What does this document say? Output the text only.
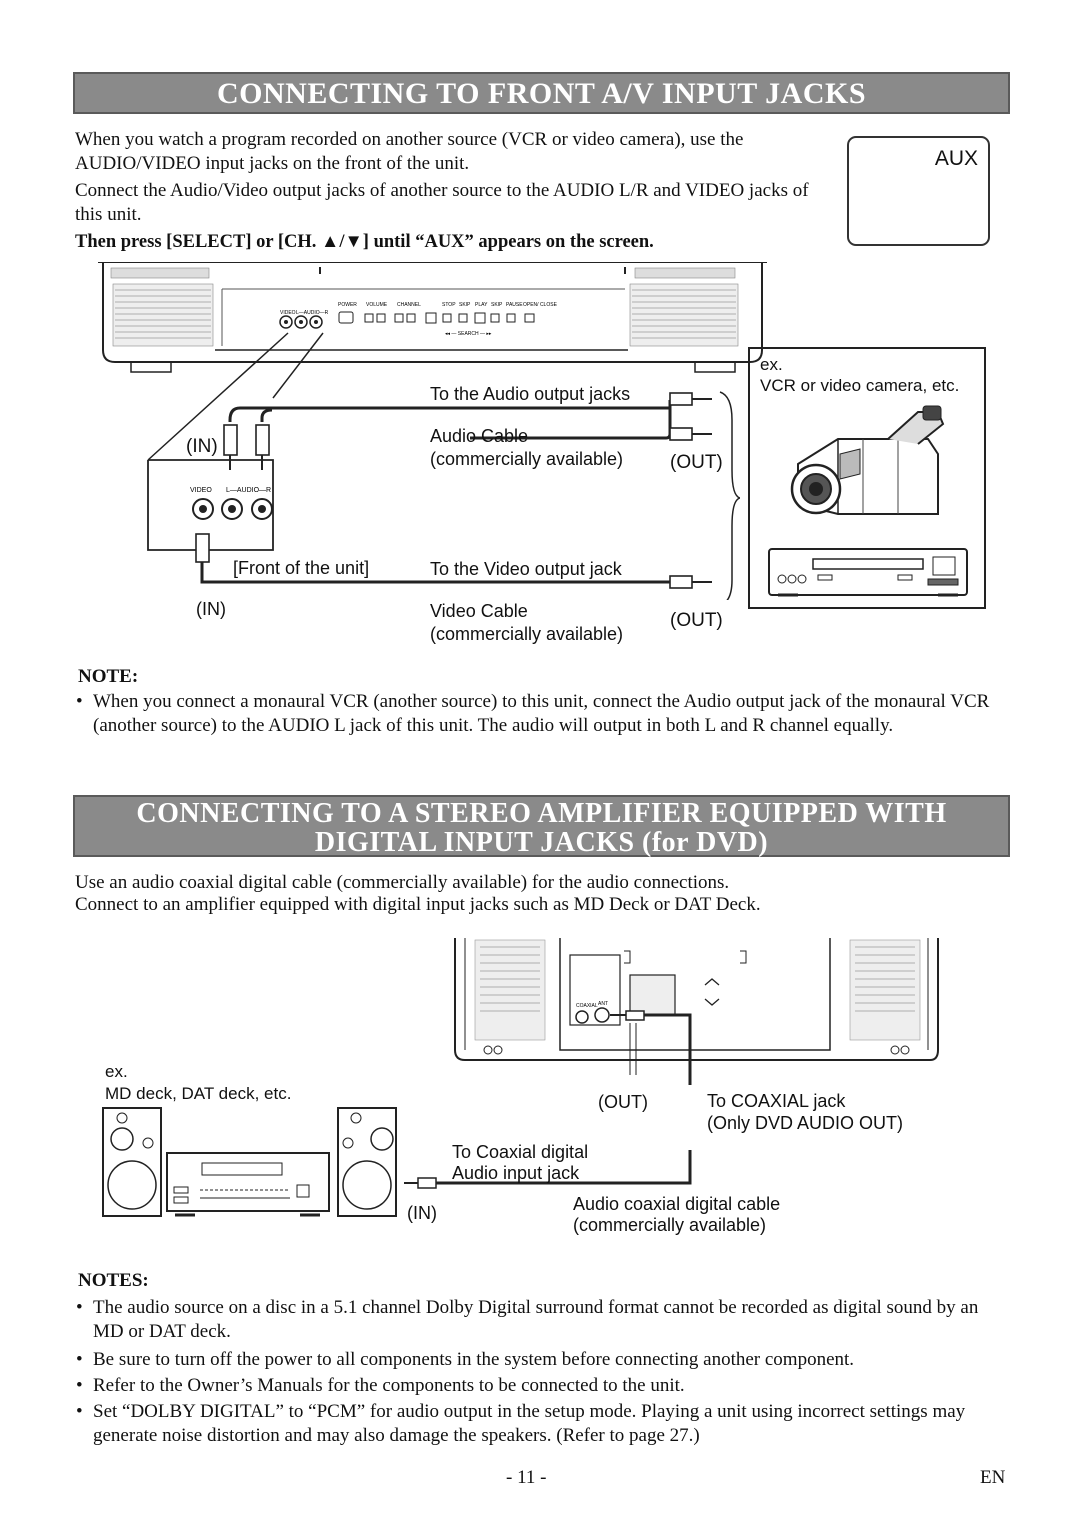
CONNECTING TO FRONT A/V INPUT JACKS
When you watch a program recorded on another source (VCR or video camera), use the AUDIO/VIDEO input jacks on the front of the unit.
Connect the Audio/Video output jacks of another source to the AUDIO L/R and VIDEO jacks of this unit.
Then press [SELECT] or [CH. ▲/▼] until “AUX” appears on the screen.
AUX
POWER VOLUME CHANNEL	STOP SKIP PLAY SKIP PAUSE OPEN/ CLOSE
◂◂ — SEARCH — ▸▸
VIDEO L—AUDIO—R
VIDEO L—AUDIO—R
(IN)
[Front of the unit]
(IN)
To the Audio output jacks
Audio Cable
(commercially available) (OUT)
To the Video output jack
Video Cable
(commercially available)
(OUT)
ex.
VCR or video camera, etc.
NOTE:
• When you connect a monaural VCR (another source) to this unit, connect the Audio output jack of the monaural VCR (another source) to the AUDIO L jack of this unit. The audio will output in both L and R channel equally.
CONNECTING TO A STEREO AMPLIFIER EQUIPPED WITH
DIGITAL INPUT JACKS (for DVD)
Use an audio coaxial digital cable (commercially available) for the audio connections.
Connect to an amplifier equipped with digital input jacks such as MD Deck or DAT Deck.
COAXIAL ANT
ex.
MD deck, DAT deck, etc.	(OUT)	To COAXIAL jack
(Only DVD AUDIO OUT)
To Coaxial digital
Audio input jack
(IN)	Audio coaxial digital cable
(commercially available)
NOTES:
• The audio source on a disc in a 5.1 channel Dolby Digital surround format cannot be recorded as digital sound by an MD or DAT deck.
• Be sure to turn off the power to all components in the system before connecting another component.
• Refer to the Owner’s Manuals for the components to be connected to the unit.
• Set “DOLBY DIGITAL” to “PCM” for audio output in the setup mode. Playing a unit using incorrect settings may generate noise distortion and may also damage the speakers. (Refer to page 27.)
- 11 -	EN
